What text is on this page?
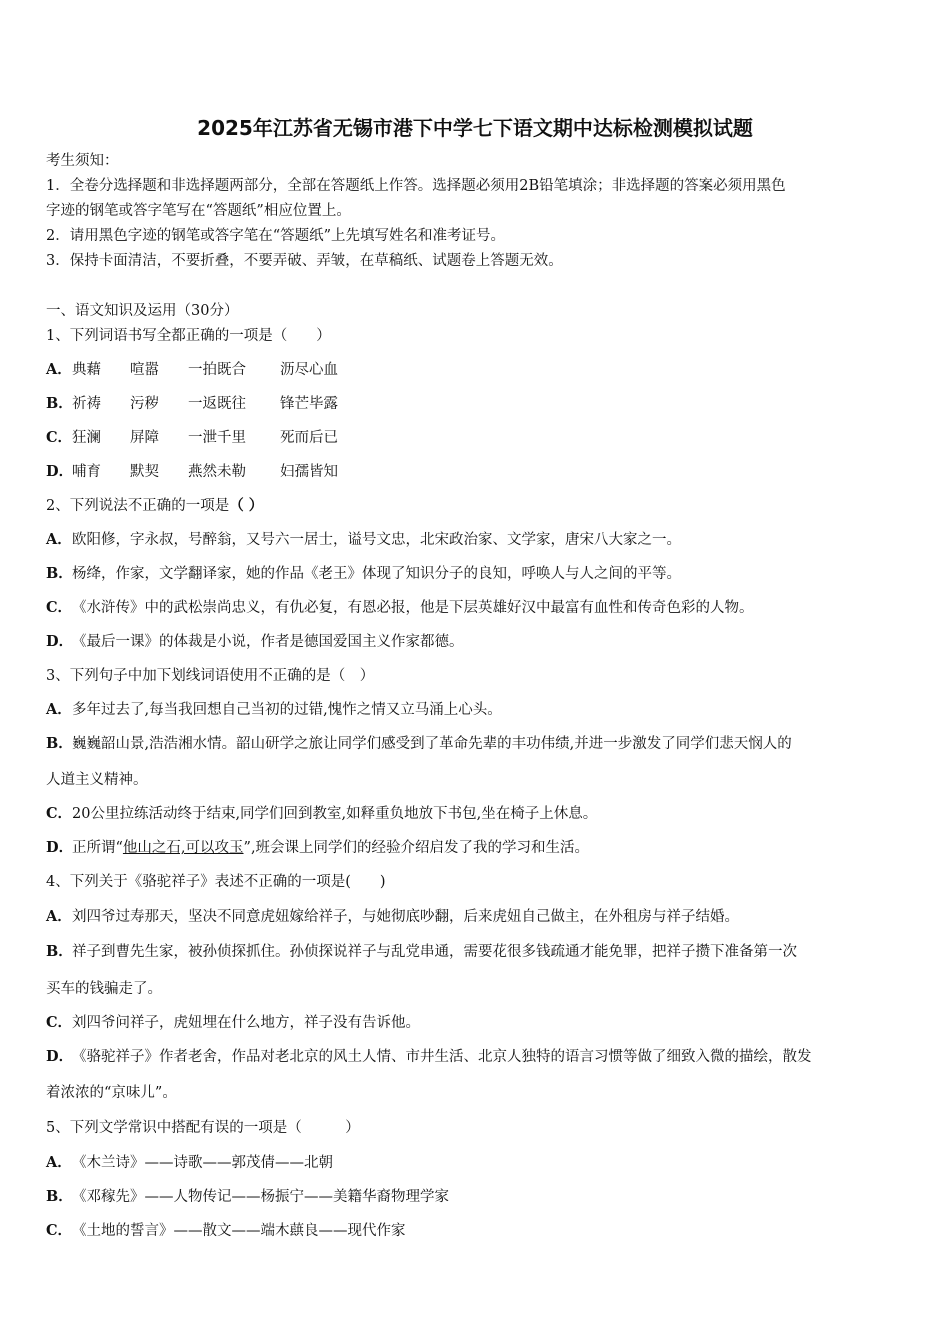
2025年江苏省无锡市港下中学七下语文期中达标检测模拟试题
考生须知：
1．全卷分选择题和非选择题两部分，全部在答题纸上作答。选择题必须用2B铅笔填涂；非选择题的答案必须用黑色
字迹的钢笔或答字笔写在“答题纸”相应位置上。
2．请用黑色字迹的钢笔或答字笔在“答题纸”上先填写姓名和准考证号。
3．保持卡面清洁，不要折叠，不要弄破、弄皱，在草稿纸、试题卷上答题无效。
一、语文知识及运用（30分）
1、下列词语书写全都正确的一项是（　　）
A．典藉 喧嚣 一拍既合 沥尽心血
B．祈祷 污秽 一返既往 锋芒毕露
C．狂澜 屏障 一泄千里 死而后已
D．哺育 默契 燕然未勒 妇孺皆知
2、下列说法不正确的一项是（ ）
A．欧阳修，字永叔，号醉翁，又号六一居士，谥号文忠，北宋政治家、文学家，唐宋八大家之一。
B．杨绛，作家，文学翻译家，她的作品《老王》体现了知识分子的良知，呼唤人与人之间的平等。
C．《水浒传》中的武松崇尚忠义，有仇必复，有恩必报，他是下层英雄好汉中最富有血性和传奇色彩的人物。
D．《最后一课》的体裁是小说，作者是德国爱国主义作家都德。
3、下列句子中加下划线词语使用不正确的是（　）
A．多年过去了,每当我回想自己当初的过错,愧怍之情又立马涌上心头。
B．巍巍韶山景,浩浩湘水情。韶山研学之旅让同学们感受到了革命先辈的丰功伟绩,并进一步激发了同学们悲天悯人的
人道主义精神。
C．20公里拉练活动终于结束,同学们回到教室,如释重负地放下书包,坐在椅子上休息。
D．正所谓“他山之石,可以攻玉”,班会课上同学们的经验介绍启发了我的学习和生活。
4、下列关于《骆驼祥子》表述不正确的一项是(　　)
A．刘四爷过寿那天，坚决不同意虎妞嫁给祥子，与她彻底吵翻，后来虎妞自己做主，在外租房与祥子结婚。
B．祥子到曹先生家，被孙侦探抓住。孙侦探说祥子与乱党串通，需要花很多钱疏通才能免罪，把祥子攒下准备第一次
买车的钱骗走了。
C．刘四爷问祥子，虎妞埋在什么地方，祥子没有告诉他。
D．《骆驼祥子》作者老舍，作品对老北京的风土人情、市井生活、北京人独特的语言习惯等做了细致入微的描绘，散发
着浓浓的“京味儿”。
5、下列文学常识中搭配有误的一项是（　　　）
A．《木兰诗》——诗歌——郭茂倩——北朝
B．《邓稼先》——人物传记——杨振宁——美籍华裔物理学家
C．《土地的誓言》——散文——端木蕻良——现代作家
